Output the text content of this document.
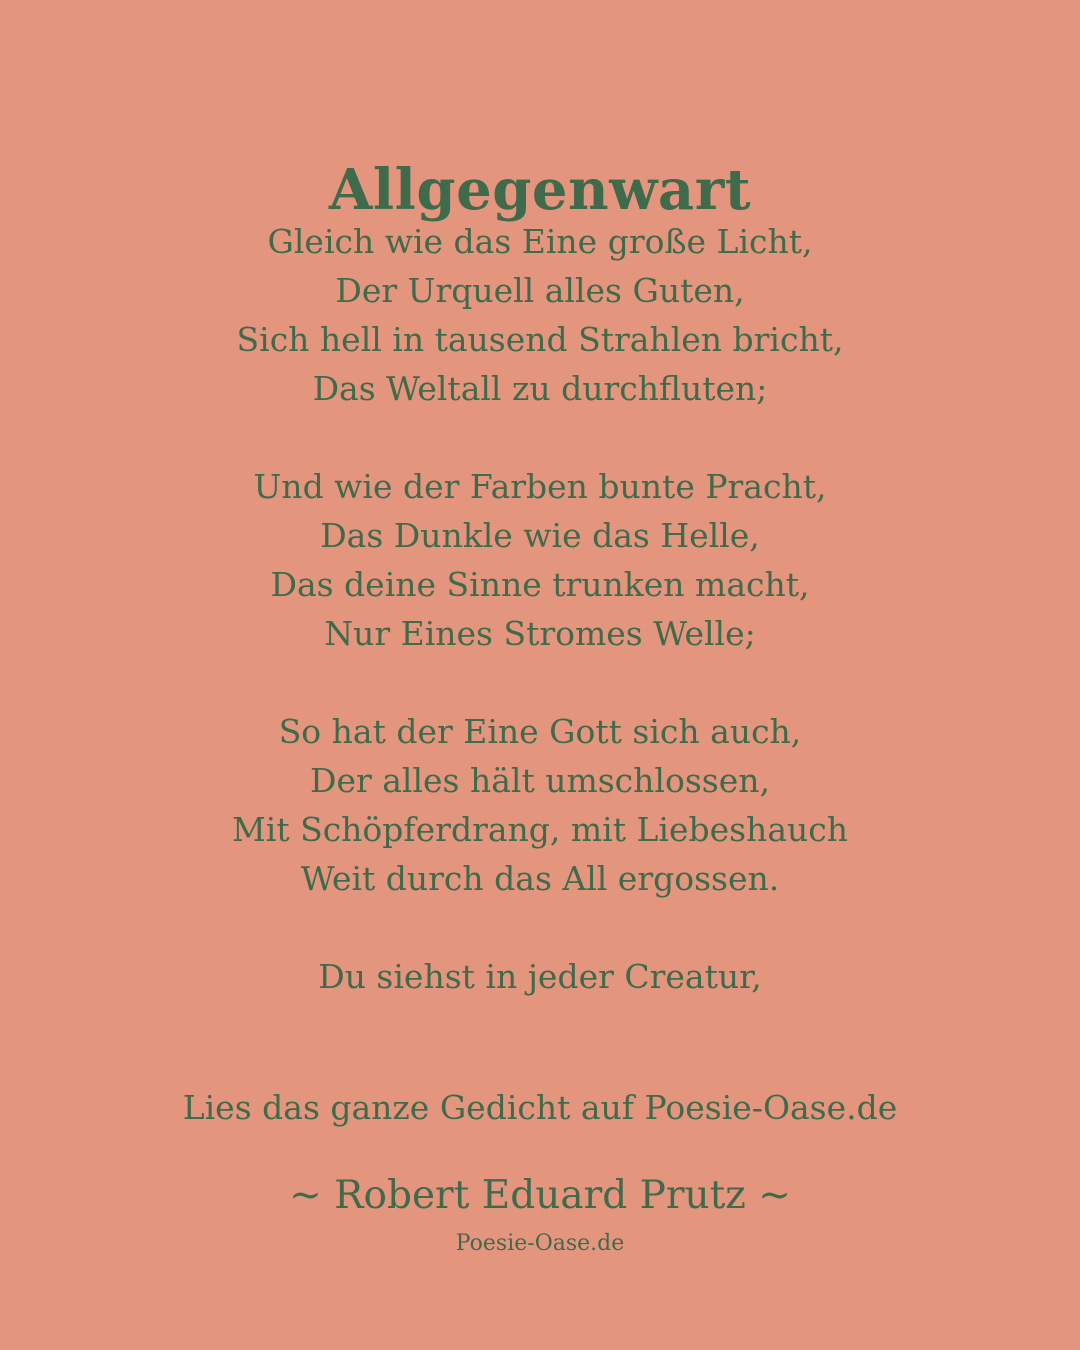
Allgegenwart
Gleich wie das Eine große Licht,
Der Urquell alles Guten,
Sich hell in tausend Strahlen bricht,
Das Weltall zu durchfluten;
Und wie der Farben bunte Pracht,
Das Dunkle wie das Helle,
Das deine Sinne trunken macht,
Nur Eines Stromes Welle;
So hat der Eine Gott sich auch,
Der alles hält umschlossen,
Mit Schöpferdrang, mit Liebeshauch
Weit durch das All ergossen.
Du siehst in jeder Creatur,

Lies das ganze Gedicht auf Poesie-Oase.de

~ Robert Eduard Prutz ~

Poesie-Oase.de
